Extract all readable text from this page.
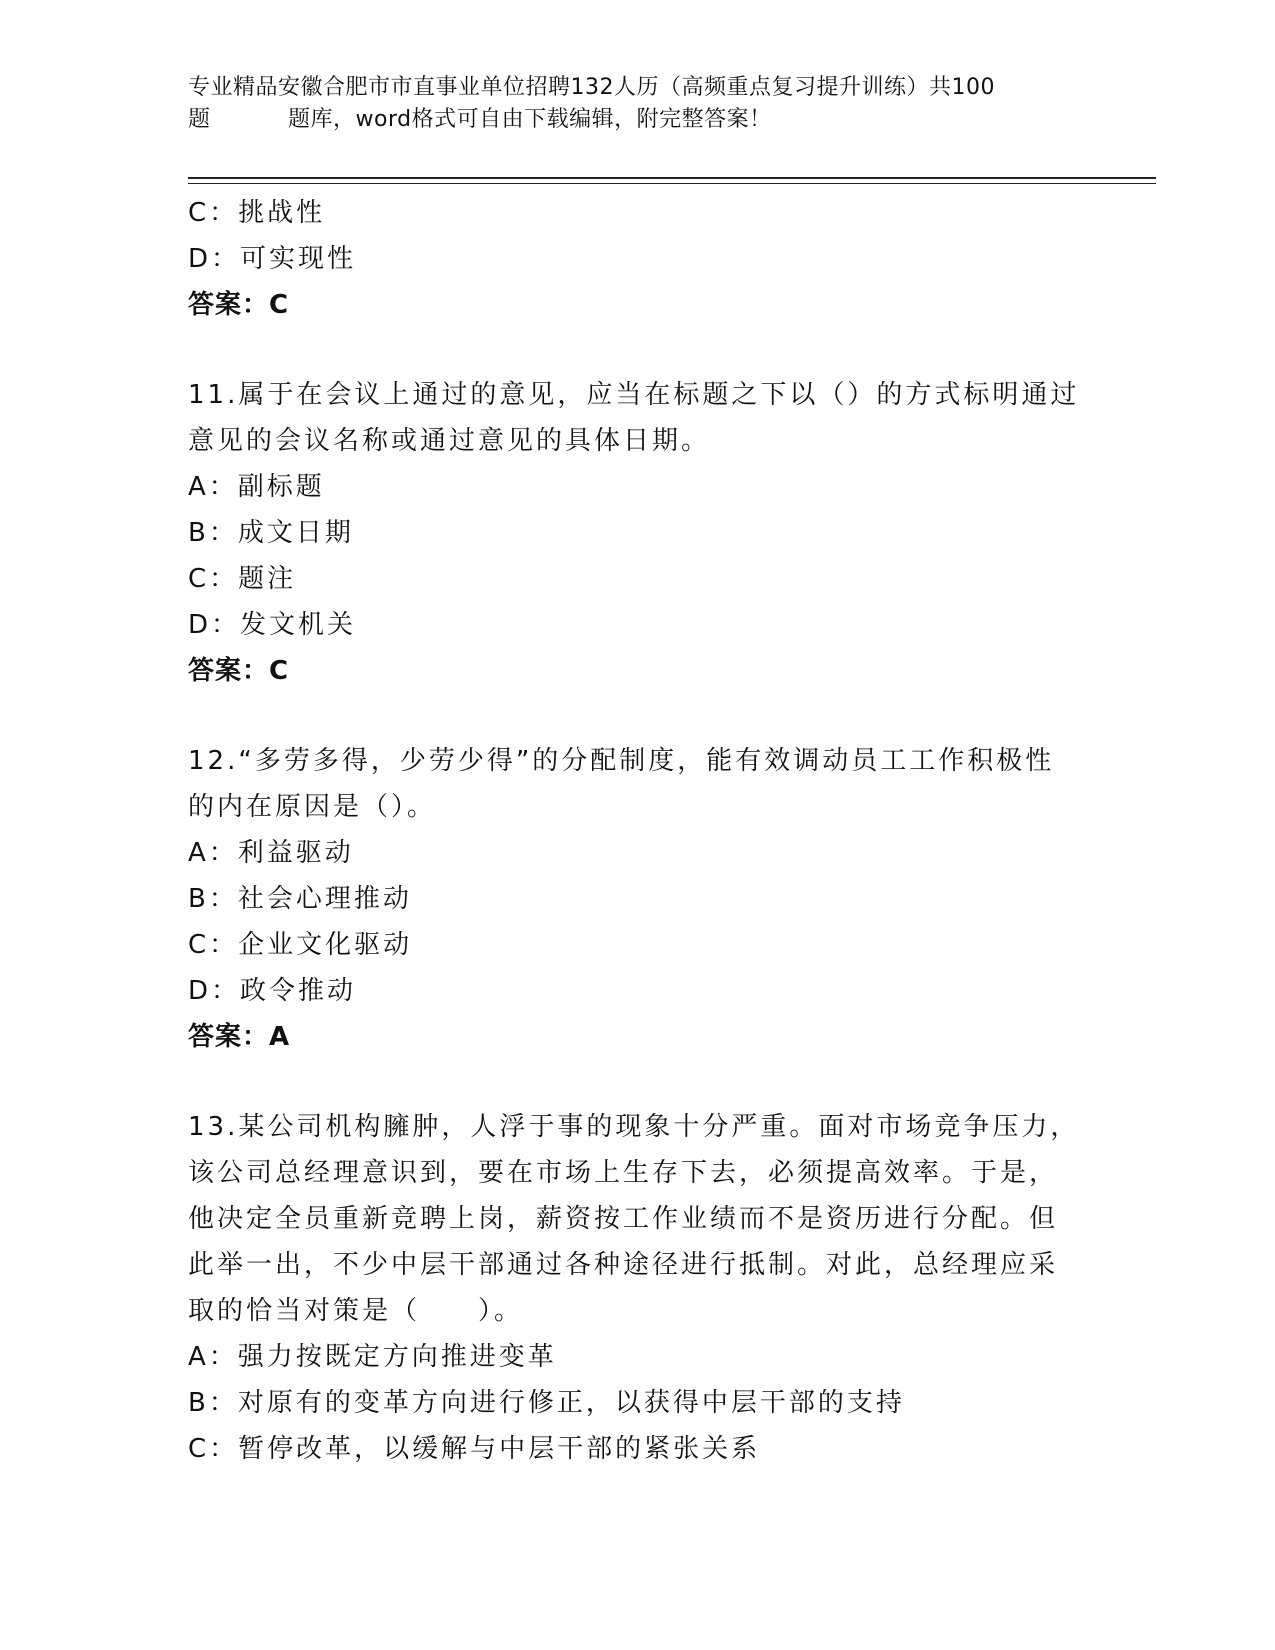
专业精品安徽合肥市市直事业单位招聘132人历（高频重点复习提升训练）共100
题	题库，word格式可自由下载编辑，附完整答案！
C：挑战性
D：可实现性
答案：C
11.属于在会议上通过的意见，应当在标题之下以（）的方式标明通过
意见的会议名称或通过意见的具体日期。
A：副标题
B：成文日期
C：题注
D：发文机关
答案：C
12.“多劳多得，少劳少得”的分配制度，能有效调动员工工作积极性
的内在原因是（）。
A：利益驱动
B：社会心理推动
C：企业文化驱动
D：政令推动
答案：A
13.某公司机构臃肿，人浮于事的现象十分严重。面对市场竞争压力，
该公司总经理意识到，要在市场上生存下去，必须提高效率。于是，
他决定全员重新竞聘上岗，薪资按工作业绩而不是资历进行分配。但
此举一出，不少中层干部通过各种途径进行抵制。对此，总经理应采
取的恰当对策是（　　）。
A：强力按既定方向推进变革
B：对原有的变革方向进行修正，以获得中层干部的支持
C：暂停改革，以缓解与中层干部的紧张关系
